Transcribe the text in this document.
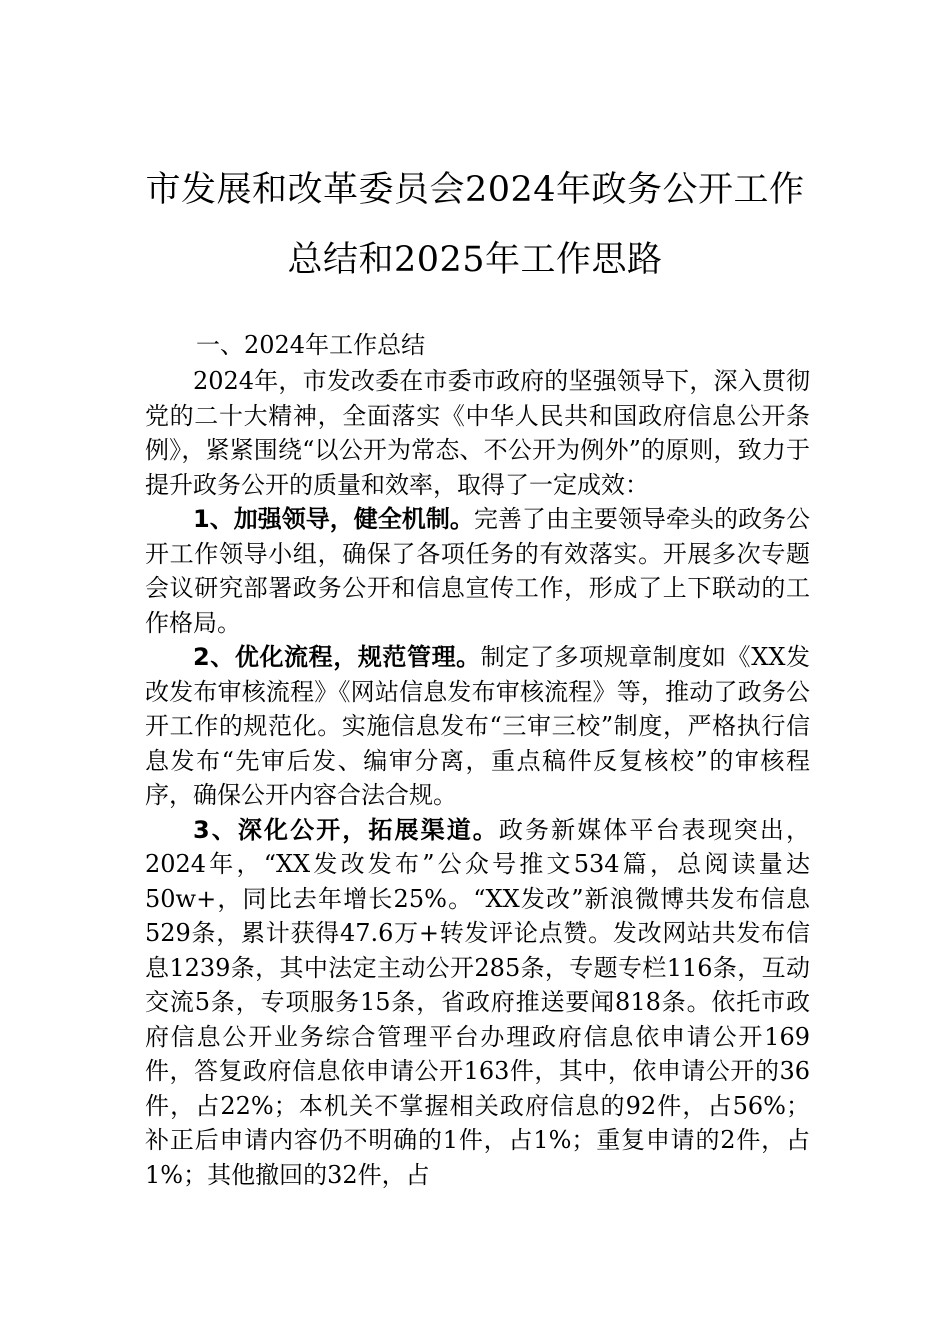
市发展和改革委员会2024年政务公开工作
总结和2025年工作思路
一、2024年工作总结

2024年，市发改委在市委市政府的坚强领导下，深入贯彻党的二十大精神，全面落实《中华人民共和国政府信息公开条例》，紧紧围绕“以公开为常态、不公开为例外”的原则，致力于提升政务公开的质量和效率，取得了一定成效：

1、加强领导，健全机制。完善了由主要领导牵头的政务公开工作领导小组，确保了各项任务的有效落实。开展多次专题会议研究部署政务公开和信息宣传工作，形成了上下联动的工作格局。

2、优化流程，规范管理。制定了多项规章制度如《XX发改发布审核流程》《网站信息发布审核流程》等，推动了政务公开工作的规范化。实施信息发布“三审三校”制度，严格执行信息发布“先审后发、编审分离，重点稿件反复核校”的审核程序，确保公开内容合法合规。

3、深化公开，拓展渠道。政务新媒体平台表现突出，2024年，“XX发改发布”公众号推文534篇，总阅读量达50w+，同比去年增长25%。“XX发改”新浪微博共发布信息529条，累计获得47.6万+转发评论点赞。发改网站共发布信息1239条，其中法定主动公开285条，专题专栏116条，互动交流5条，专项服务15条，省政府推送要闻818条。依托市政府信息公开业务综合管理平台办理政府信息依申请公开169件，答复政府信息依申请公开163件，其中，依申请公开的36件，占22%；本机关不掌握相关政府信息的92件，占56%；补正后申请内容仍不明确的1件，占1%；重复申请的2件，占1%；其他撤回的32件，占
